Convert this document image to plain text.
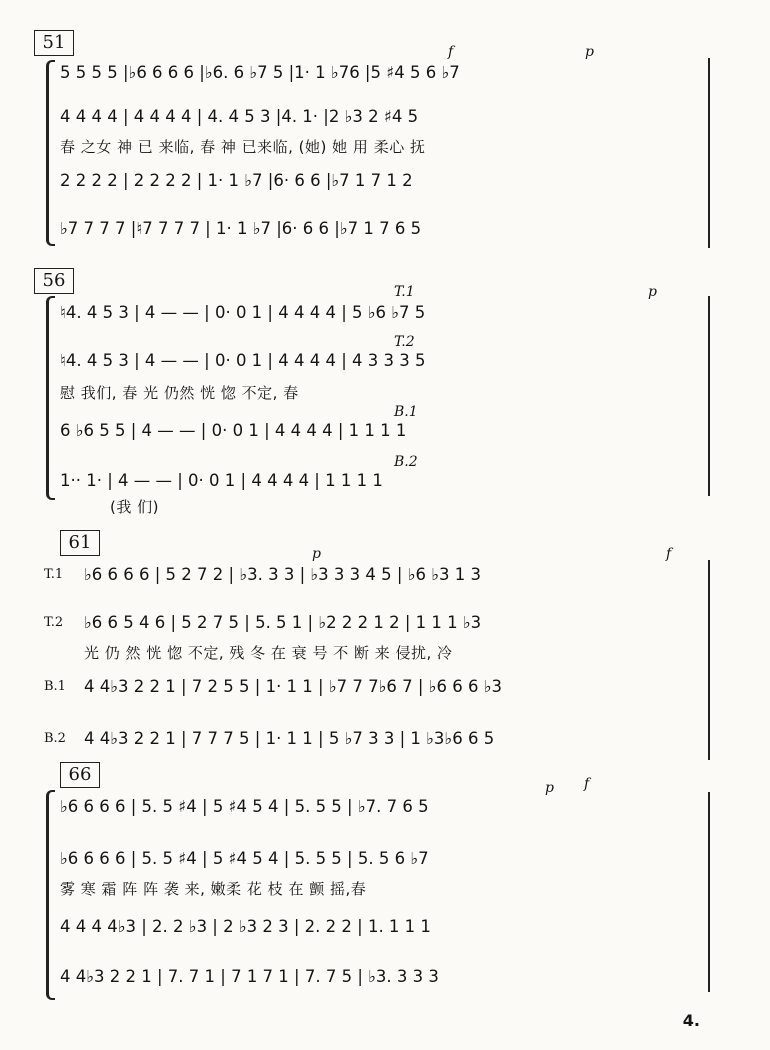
51
5 5 5 5 |♭6 6 6 6 |♭6. 6 ♭7 5 |1· 1 ♭76 |5 ♯4 5 6 ♭7
4 4 4 4 | 4 4 4 4 | 4. 4 5 3 |4. 1· |2 ♭3 2 ♯4 5
春 之女 神 已 来临, 春 神 已来临, (她) 她 用 柔心 抚
2 2 2 2 | 2 2 2 2 | 1· 1 ♭7 |6· 6 6 |♭7 1 7 1 2
♭7 7 7 7 |♮7 7 7 7 | 1· 1 ♭7 |6· 6 6 |♭7 1 7 6 5
f	p
56
♮4. 4 5 3 | 4 — — | 0· 0 1 | 4 4 4 4 | 5 ♭6 ♭7 5
♮4. 4 5 3 | 4 — — | 0· 0 1 | 4 4 4 4 | 4 3 3 3 5
慰 我们, 春 光 仍然 恍 惚 不定, 春
6 ♭6 5 5 | 4 — — | 0· 0 1 | 4 4 4 4 | 1 1 1 1
1·· 1· | 4 — — | 0· 0 1 | 4 4 4 4 | 1 1 1 1
(我 们)
T.1
T.2
B.1
B.2
p
61
T.1
T.2
B.1
B.2
♭6 6 6 6 | 5 2 7 2 | ♭3. 3 3 | ♭3 3 3 4 5 | ♭6 ♭3 1 3
♭6 6 5 4 6 | 5 2 7 5 | 5. 5 1 | ♭2 2 2 1 2 | 1 1 1 ♭3
光 仍 然 恍 惚 不定, 残 冬 在 衰 号 不 断 来 侵扰, 冷
4 4♭3 2 2 1 | 7 2 5 5 | 1· 1 1 | ♭7 7 7♭6 7 | ♭6 6 6 ♭3
4 4♭3 2 2 1 | 7 7 7 5 | 1· 1 1 | 5 ♭7 3 3 | 1 ♭3♭6 6 5
p	f
66
♭6 6 6 6 | 5. 5 ♯4 | 5 ♯4 5 4 | 5. 5 5 | ♭7. 7 6 5
♭6 6 6 6 | 5. 5 ♯4 | 5 ♯4 5 4 | 5. 5 5 | 5. 5 6 ♭7
雾 寒 霜 阵 阵 袭 来, 嫩柔 花 枝 在 颤 摇,春
4 4 4 4♭3 | 2. 2 ♭3 | 2 ♭3 2 3 | 2. 2 2 | 1. 1 1 1
4 4♭3 2 2 1 | 7. 7 1 | 7 1 7 1 | 7. 7 5 | ♭3. 3 3 3
p f
4.
